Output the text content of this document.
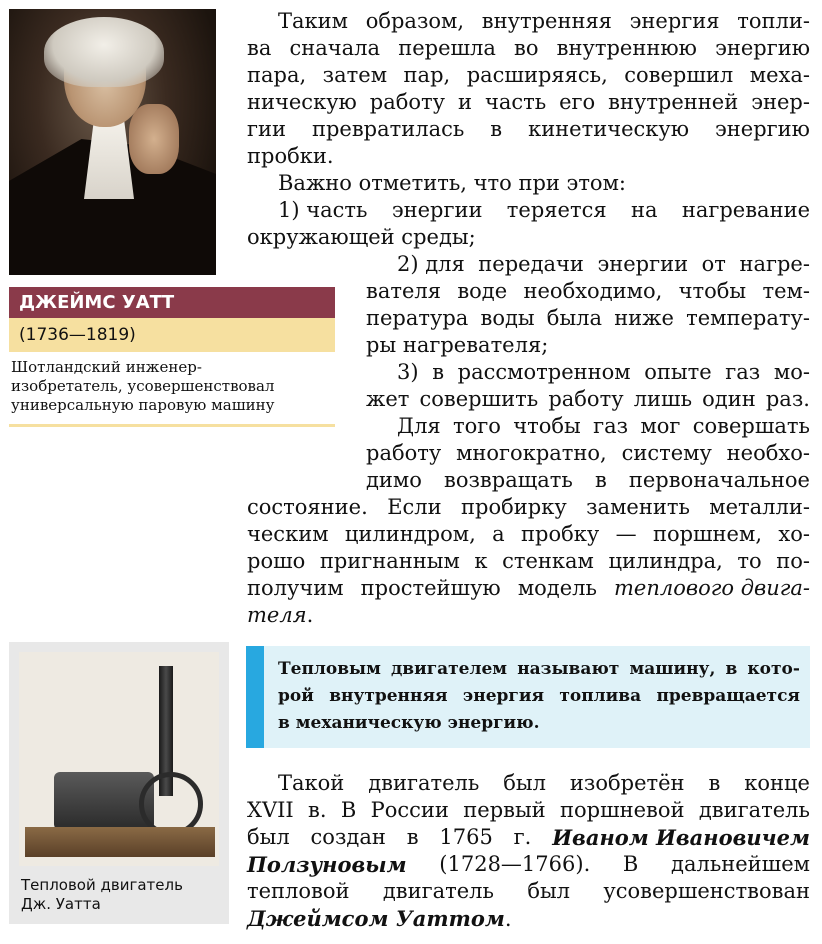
ДЖЕЙМС УАТТ
(1736—1819)
Шотландский инженер-
изобретатель, усовершенствовал
универсальную паровую машину
Таким образом, внутренняя энергия топли-
ва сначала перешла во внутреннюю энергию
пара, затем пар, расширяясь, совершил меха-
ническую работу и часть его внутренней энер-
гии превратилась в кинетическую энергию
пробки.
Важно отметить, что при этом:
1) часть энергии теряется на нагревание
окружающей среды;
2) для передачи энергии от нагре-
вателя воде необходимо, чтобы тем-
пература воды была ниже температу-
ры нагревателя;
3) в рассмотренном опыте газ мо-
жет совершить работу лишь один раз.
Для того чтобы газ мог совершать
работу многократно, систему необхо-
димо возвращать в первоначальное
состояние. Если пробирку заменить металли-
ческим цилиндром, а пробку — поршнем, хо-
рошо пригнанным к стенкам цилиндра, то по-
получим простейшую модель теплового двига-
теля.
Такой двигатель был изобретён в конце
XVII в. В России первый поршневой двигатель
был создан в 1765 г. Иваном Ивановичем
Ползуновым (1728—1766). В дальнейшем
тепловой двигатель был усовершенствован
Джеймсом Уаттом.
Тепловой двигатель
Дж. Уатта
Тепловым двигателем называют машину, в кото-
рой внутренняя энергия топлива превращается
в механическую энергию.
